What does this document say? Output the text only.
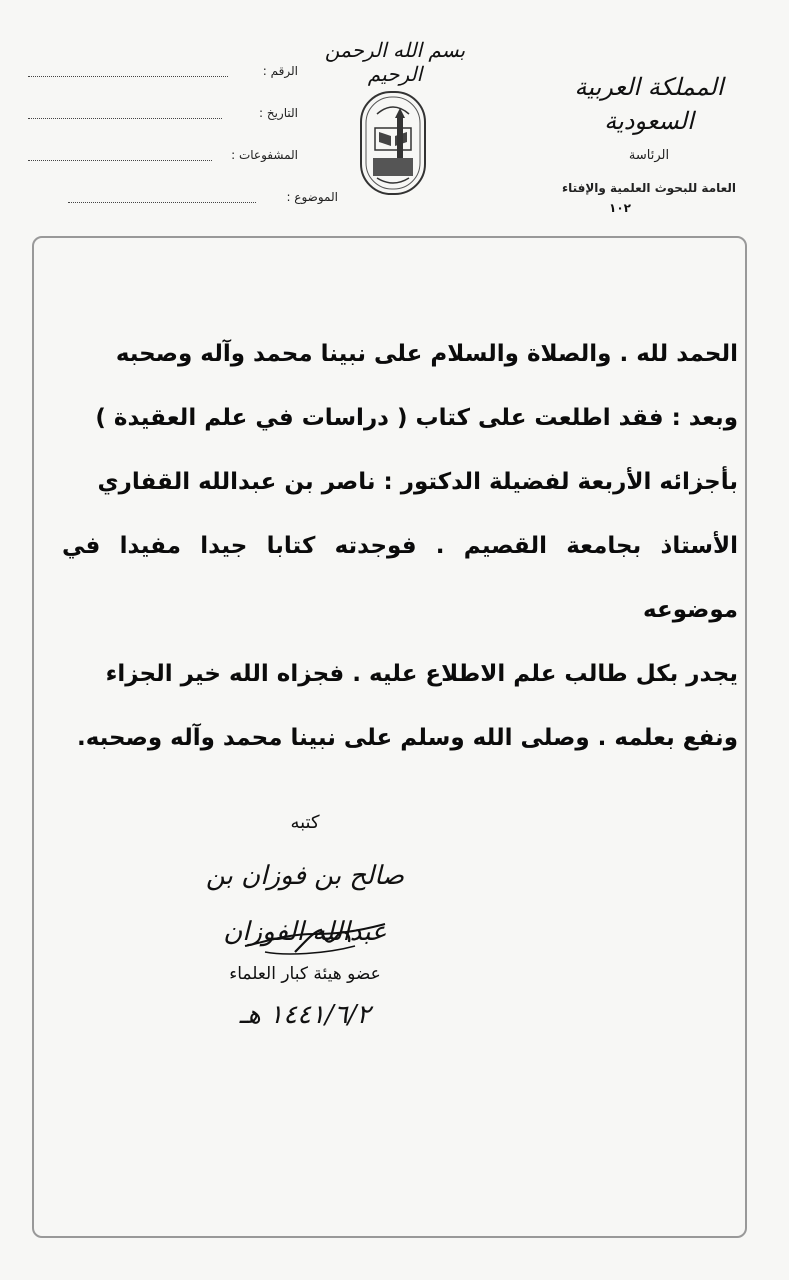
المملكة العربية السعودية
الرئاسة
العامة للبحوث العلمية والإفتاء
١٠٢
بسم الله الرحمن الرحيم
الرقم :
التاريخ :
المشفوعات :
الموضوع :

الحمد لله . والصلاة والسلام على نبينا محمد وآله وصحبه

وبعد : فقد اطلعت على كتاب ( دراسات في علم العقيدة )

بأجزائه الأربعة لفضيلة الدكتور : ناصر بن عبدالله القفاري

الأستاذ بجامعة القصيم . فوجدته كتابا جيدا مفيدا في موضوعه

يجدر بكل طالب علم الاطلاع عليه . فجزاه الله خير الجزاء

ونفع بعلمه . وصلى الله وسلم على نبينا محمد وآله وصحبه.

كتبه
صالح بن فوزان بن عبدالله الفوزان
عضو هيئة كبار العلماء
١٤٤١/٦/٢ هـ
